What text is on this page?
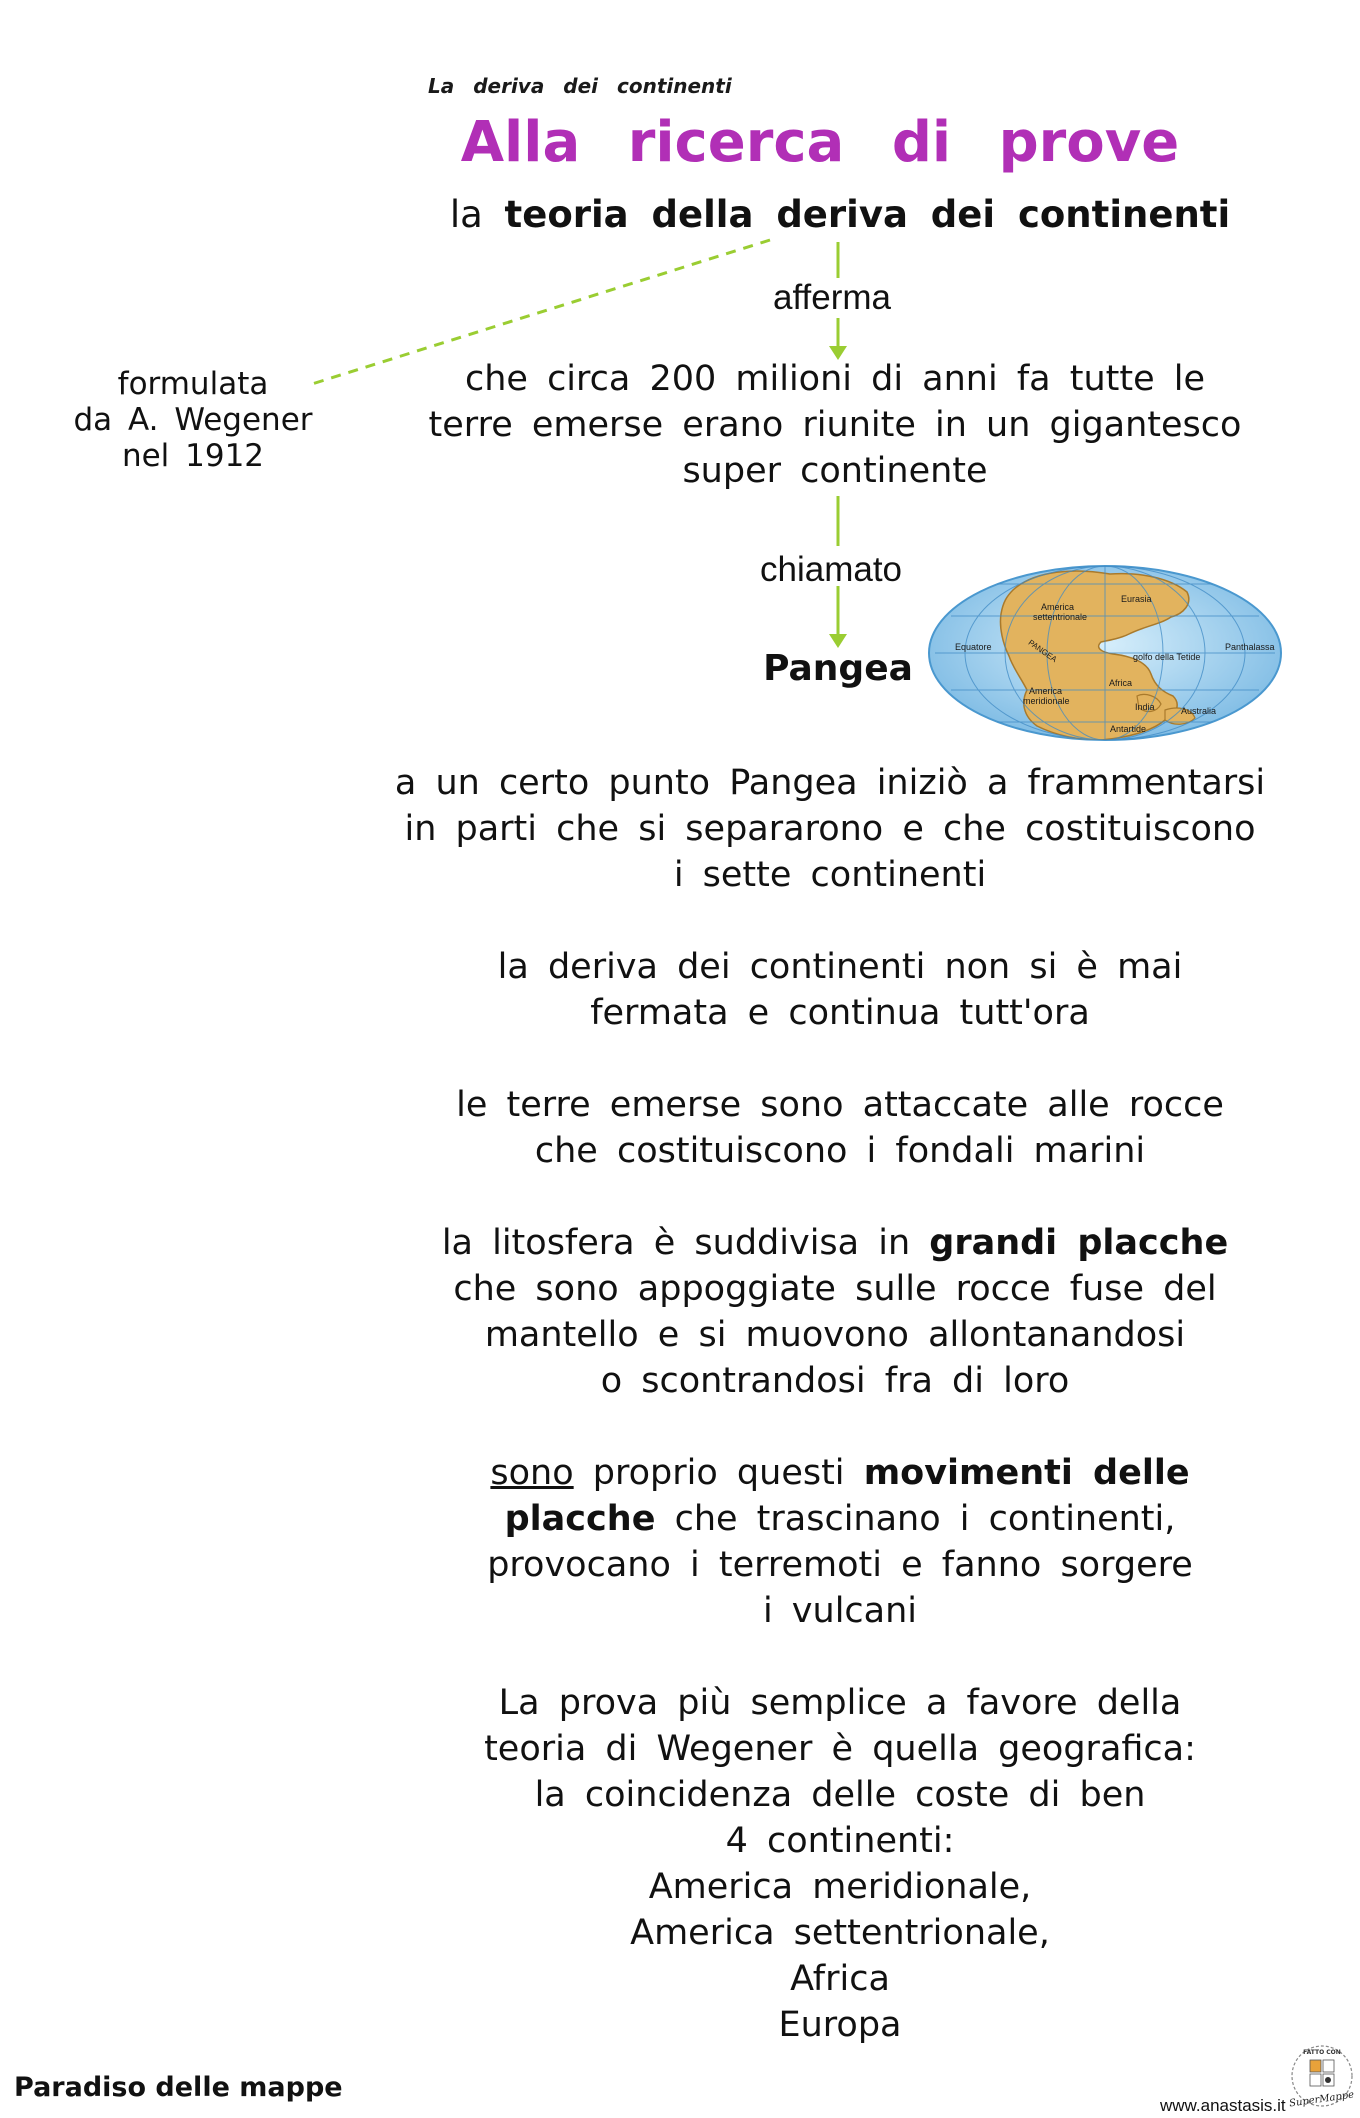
La deriva dei continenti
Alla ricerca di prove
la teoria della deriva dei continenti
afferma
chiamato
formulata
da A. Wegener
nel 1912
che circa 200 milioni di anni fa tutte le
terre emerse erano riunite in un gigantesco
super continente
Pangea
Eurasia
America
settentrionale
Equatore	PANGEA	golfo della Tetide
Panthalassa
America
meridionale
Africa
India	Australia
Antartide
a un certo punto Pangea iniziò a frammentarsi
in parti che si separarono e che costituiscono
i sette continenti
la deriva dei continenti non si è mai
fermata e continua tutt'ora
le terre emerse sono attaccate alle rocce
che costituiscono i fondali marini
la litosfera è suddivisa in grandi placche
che sono appoggiate sulle rocce fuse del
mantello e si muovono allontanandosi
o scontrandosi fra di loro
sono proprio questi movimenti delle
placche che trascinano i continenti,
provocano i terremoti e fanno sorgere
i vulcani
La prova più semplice a favore della
teoria di Wegener è quella geografica:
la coincidenza delle coste di ben
4 continenti:
America meridionale,
America settentrionale,
Africa
Europa
Paradiso delle mappe
www.anastasis.it
FATTO CON
SuperMappe
